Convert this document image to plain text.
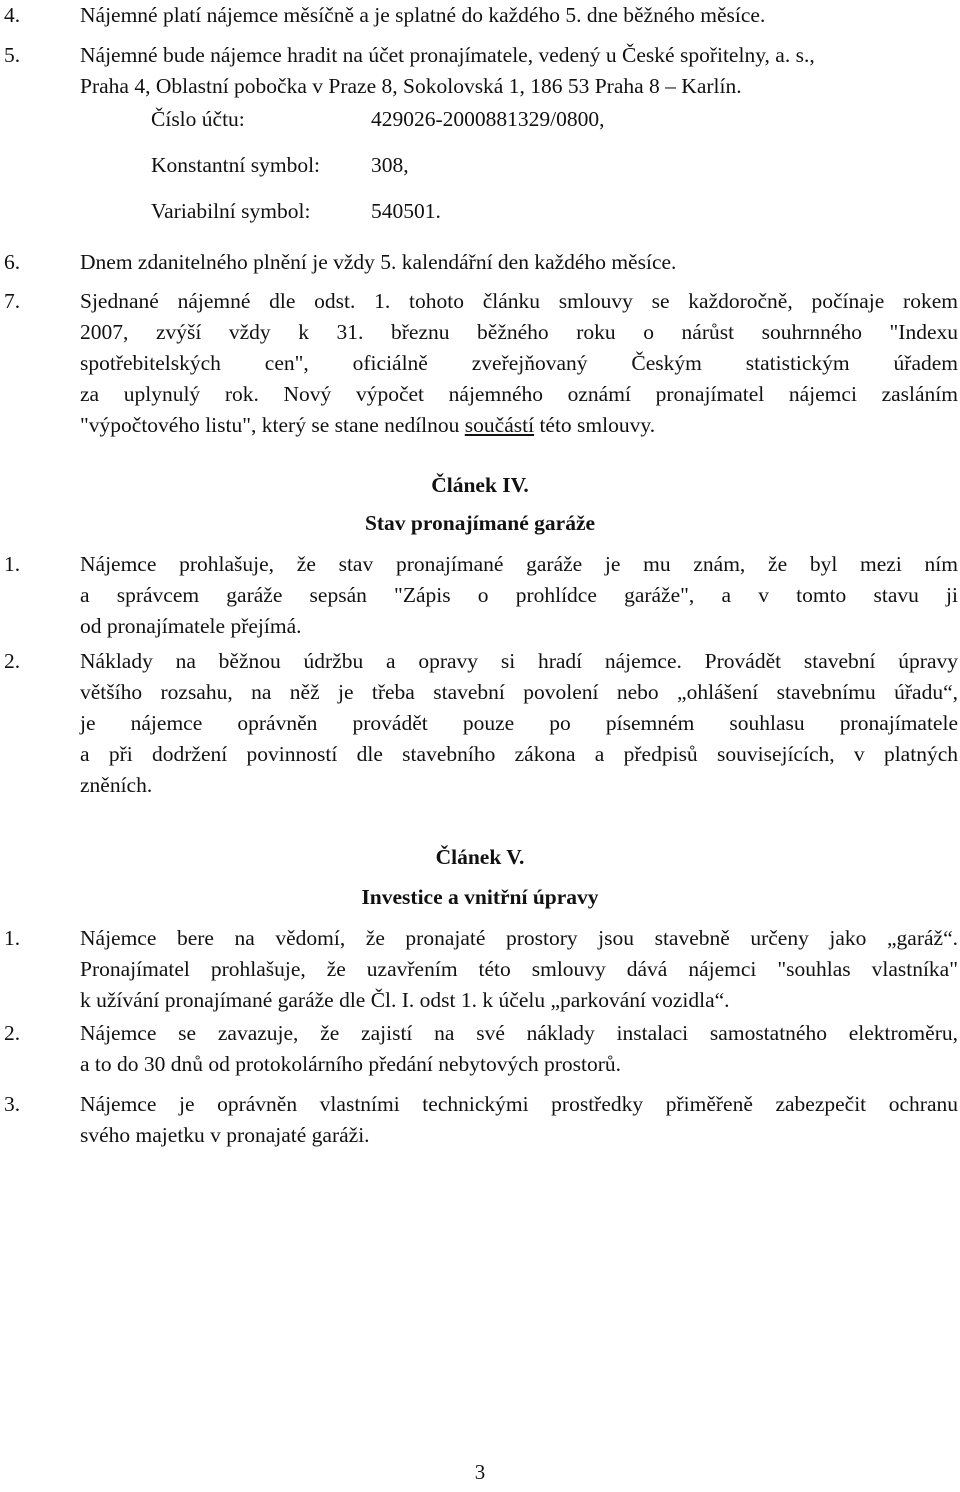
4.	Nájemné platí nájemce měsíčně a je splatné do každého 5. dne běžného měsíce.
5.	Nájemné bude nájemce hradit na účet pronajímatele, vedený u České spořitelny, a. s.,
Praha 4, Oblastní pobočka v Praze 8, Sokolovská 1, 186 53 Praha 8 – Karlín.
Číslo účtu:	429026-2000881329/0800,
Konstantní symbol: 308,
Variabilní symbol:	540501.
6.	Dnem zdanitelného plnění je vždy 5. kalendářní den každého měsíce.
7.	Sjednané nájemné dle odst. 1. tohoto článku smlouvy se každoročně, počínaje rokem
2007, zvýší vždy k 31. březnu běžného roku o nárůst souhrnného "Indexu
spotřebitelských cen", oficiálně zveřejňovaný Českým statistickým úřadem
za uplynulý rok. Nový výpočet nájemného oznámí pronajímatel nájemci zasláním
"výpočtového listu", který se stane nedílnou součástí této smlouvy.
Článek IV.
Stav pronajímané garáže
1.	Nájemce prohlašuje, že stav pronajímané garáže je mu znám, že byl mezi ním
a správcem garáže sepsán "Zápis o prohlídce garáže", a v tomto stavu ji
od pronajímatele přejímá.
2.	Náklady na běžnou údržbu a opravy si hradí nájemce. Provádět stavební úpravy
většího rozsahu, na něž je třeba stavební povolení nebo „ohlášení stavebnímu úřadu“,
je nájemce oprávněn provádět pouze po písemném souhlasu pronajímatele
a při dodržení povinností dle stavebního zákona a předpisů souvisejících, v platných
zněních.
Článek V.
Investice a vnitřní úpravy
1.	Nájemce bere na vědomí, že pronajaté prostory jsou stavebně určeny jako „garáž“.
Pronajímatel prohlašuje, že uzavřením této smlouvy dává nájemci "souhlas vlastníka"
k užívání pronajímané garáže dle Čl. I. odst 1. k účelu „parkování vozidla“.
2.	Nájemce se zavazuje, že zajistí na své náklady instalaci samostatného elektroměru,
a to do 30 dnů od protokolárního předání nebytových prostorů.
3.	Nájemce je oprávněn vlastními technickými prostředky přiměřeně zabezpečit ochranu
svého majetku v pronajaté garáži.
3
